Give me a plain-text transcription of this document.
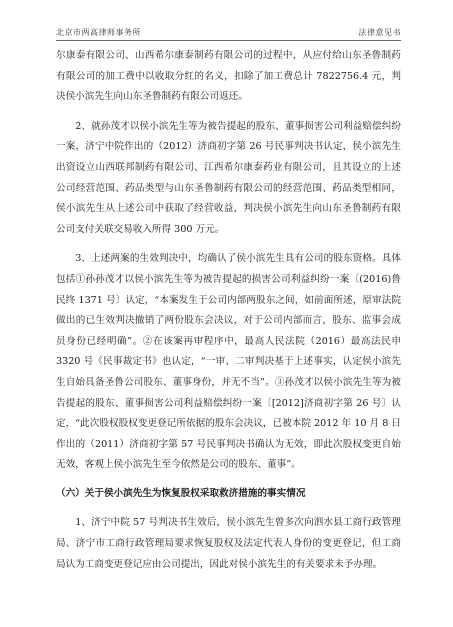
北京市两高律师事务所	法律意见书

尔康泰有限公司、山西希尔康泰制药有限公司的过程中，从应付给山东圣鲁制药有限公司的加工费中以收取分红的名义，扣除了加工费总计 7822756.4 元，判决侯小滨先生向山东圣鲁制药有限公司返还。

2、就孙茂才以侯小滨先生等为被告提起的股东、董事损害公司利益赔偿纠纷一案，济宁中院作出的（2012）济商初字第 26 号民事判决书认定，侯小滨先生出资设立山西联邦制药有限公司、江西希尔康泰药业有限公司，且其设立的上述公司经营范围、药品类型与山东圣鲁制药有限公司的经营范围、药品类型相同，侯小滨先生从上述公司中获取了经营收益，判决侯小滨先生向山东圣鲁制药有限公司支付关联交易收入所得 300 万元。

3、上述两案的生效判决中，均确认了侯小滨先生具有公司的股东资格。具体包括①孙孙茂才以侯小滨先生等为被告提起的损害公司利益纠纷一案〔(2016)鲁民终 1371 号〕认定，“本案发生于公司内部两股东之间，如前面所述，原审法院做出的已生效判决撤销了两份股东会决议，对于公司内部而言，股东、监事会成员身份已经明确”。②在该案再审程序中，最高人民法院（2016）最高法民申 3320 号《民事裁定书》也认定，“一审、二审判决基于上述事实，认定侯小滨先生自始具备圣鲁公司股东、董事身份，并无不当”。③孙茂才以侯小滨先生等为被告提起的股东、董事损害公司利益赔偿纠纷一案〔[2012]济商初字第 26 号〕认定，“此次股权股权变更登记所依据的股东会决议，已被本院 2012 年 10 月 8 日作出的（2011）济商初字第 57 号民事判决书确认为无效，即此次股权变更自始无效，客观上侯小滨先生至今依然是公司的股东、董事”。

（六）关于侯小滨先生为恢复股权采取救济措施的事实情况

1、济宁中院 57 号判决书生效后，侯小滨先生曾多次向泗水县工商行政管理局、济宁市工商行政管理局要求恢复股权及法定代表人身份的变更登记，但工商局认为工商变更登记应由公司提出，因此对侯小滨先生的有关要求未予办理。
